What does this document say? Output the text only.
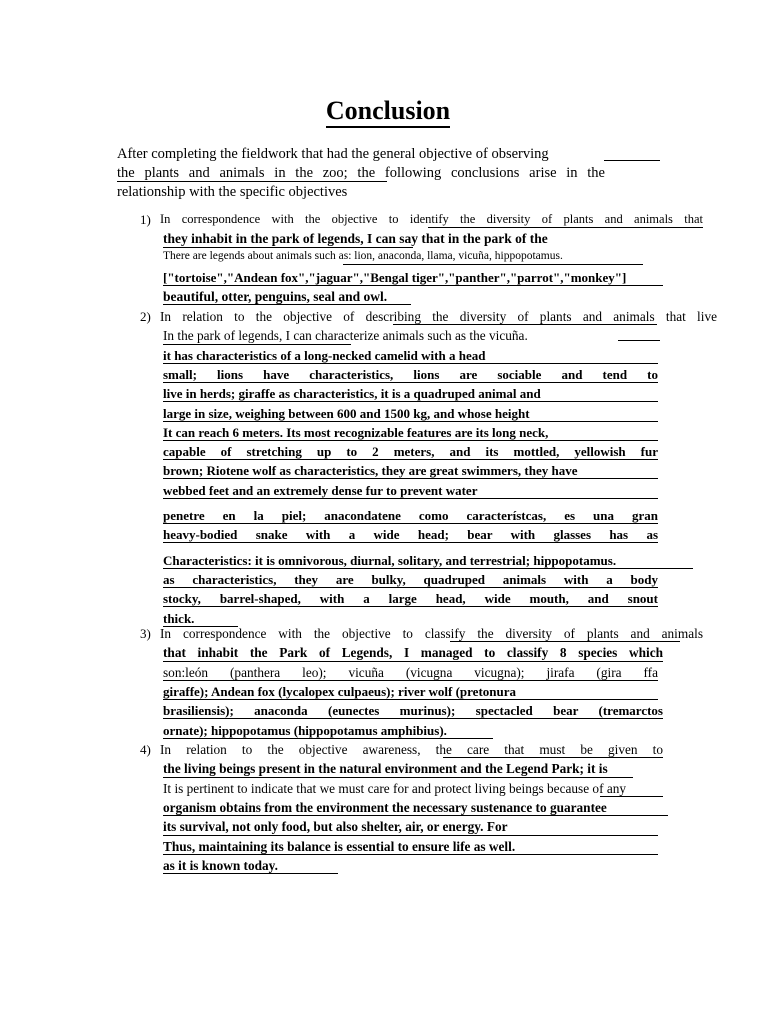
Conclusion
After completing the fieldwork that had the general objective of observing
the plants and animals in the zoo; the following conclusions arise in the
relationship with the specific objectives
1) In correspondence with the objective to identify the diversity of plants and animals that
they inhabit in the park of legends, I can say that in the park of the
There are legends about animals such as: lion, anaconda, llama, vicuña, hippopotamus.
["tortoise","Andean fox","jaguar","Bengal tiger","panther","parrot","monkey"]
beautiful, otter, penguins, seal and owl.
2) In relation to the objective of describing the diversity of plants and animals that live
In the park of legends, I can characterize animals such as the vicuña.
it has characteristics of a long-necked camelid with a head
small; lions have characteristics, lions are sociable and tend to
live in herds; giraffe as characteristics, it is a quadruped animal and
large in size, weighing between 600 and 1500 kg, and whose height
It can reach 6 meters. Its most recognizable features are its long neck,
capable of stretching up to 2 meters, and its mottled, yellowish fur
brown; Riotene wolf as characteristics, they are great swimmers, they have
webbed feet and an extremely dense fur to prevent water
penetre en la piel; anacondatene como característcas, es una gran
heavy-bodied snake with a wide head; bear with glasses has as
Characteristics: it is omnivorous, diurnal, solitary, and terrestrial; hippopotamus.
as characteristics, they are bulky, quadruped animals with a body
stocky, barrel-shaped, with a large head, wide mouth, and snout
thick.
3) In correspondence with the objective to classify the diversity of plants and animals
that inhabit the Park of Legends, I managed to classify 8 species which
son:león (panthera leo); vicuña (vicugna vicugna); jirafa (gira ffa
giraffe); Andean fox (lycalopex culpaeus); river wolf (pretonura
brasiliensis); anaconda (eunectes murinus); spectacled bear (tremarctos
ornate); hippopotamus (hippopotamus amphibius).
4) In relation to the objective awareness, the care that must be given to
the living beings present in the natural environment and the Legend Park; it is
It is pertinent to indicate that we must care for and protect living beings because of any
organism obtains from the environment the necessary sustenance to guarantee
its survival, not only food, but also shelter, air, or energy. For
Thus, maintaining its balance is essential to ensure life as well.
as it is known today.
